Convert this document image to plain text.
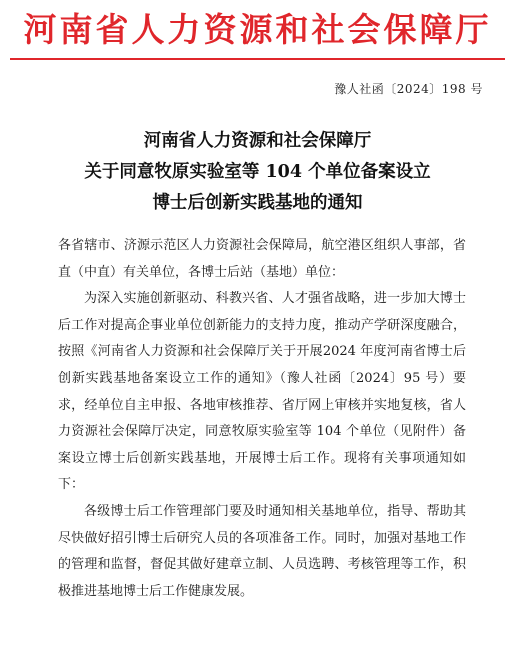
河南省人力资源和社会保障厅
豫人社函〔2024〕198 号
河南省人力资源和社会保障厅
关于同意牧原实验室等 104 个单位备案设立
博士后创新实践基地的通知

各省辖市、济源示范区人力资源社会保障局，航空港区组织人事部，省直（中直）有关单位，各博士后站（基地）单位：

为深入实施创新驱动、科教兴省、人才强省战略，进一步加大博士后工作对提高企事业单位创新能力的支持力度，推动产学研深度融合，按照《河南省人力资源和社会保障厅关于开展2024 年度河南省博士后创新实践基地备案设立工作的通知》（豫人社函〔2024〕95 号）要求，经单位自主申报、各地审核推荐、省厅网上审核并实地复核，省人力资源社会保障厅决定，同意牧原实验室等 104 个单位（见附件）备案设立博士后创新实践基地，开展博士后工作。现将有关事项通知如下：

各级博士后工作管理部门要及时通知相关基地单位，指导、帮助其尽快做好招引博士后研究人员的各项准备工作。同时，加强对基地工作的管理和监督，督促其做好建章立制、人员选聘、考核管理等工作，积极推进基地博士后工作健康发展。
